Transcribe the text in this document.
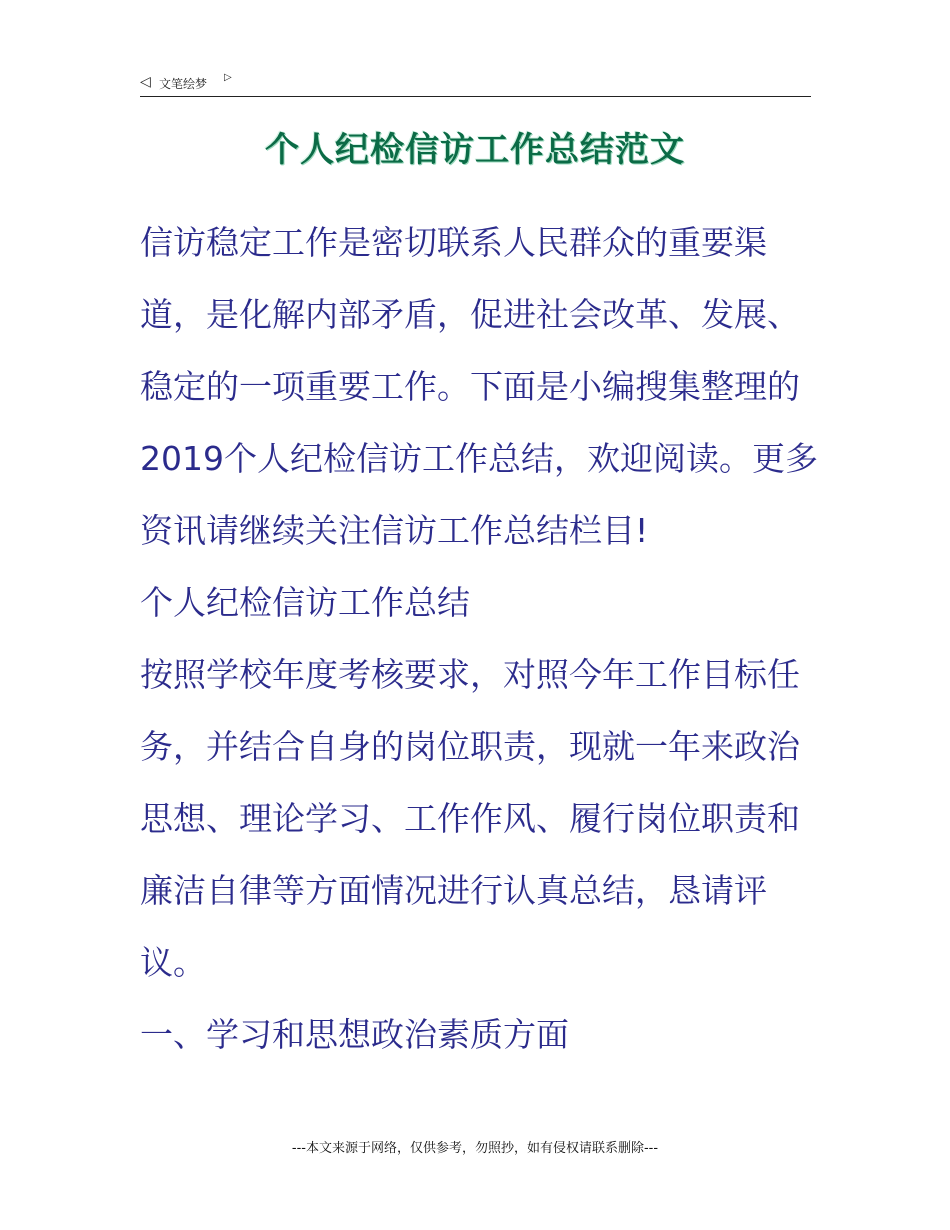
◁ 文笔绘梦 ▷
个人纪检信访工作总结范文

信访稳定工作是密切联系人民群众的重要渠道，是化解内部矛盾，促进社会改革、发展、稳定的一项重要工作。下面是小编搜集整理的2019个人纪检信访工作总结，欢迎阅读。更多资讯请继续关注信访工作总结栏目!

个人纪检信访工作总结

按照学校年度考核要求，对照今年工作目标任务，并结合自身的岗位职责，现就一年来政治思想、理论学习、工作作风、履行岗位职责和廉洁自律等方面情况进行认真总结，恳请评议。

一、学习和思想政治素质方面

---本文来源于网络，仅供参考，勿照抄，如有侵权请联系删除---
